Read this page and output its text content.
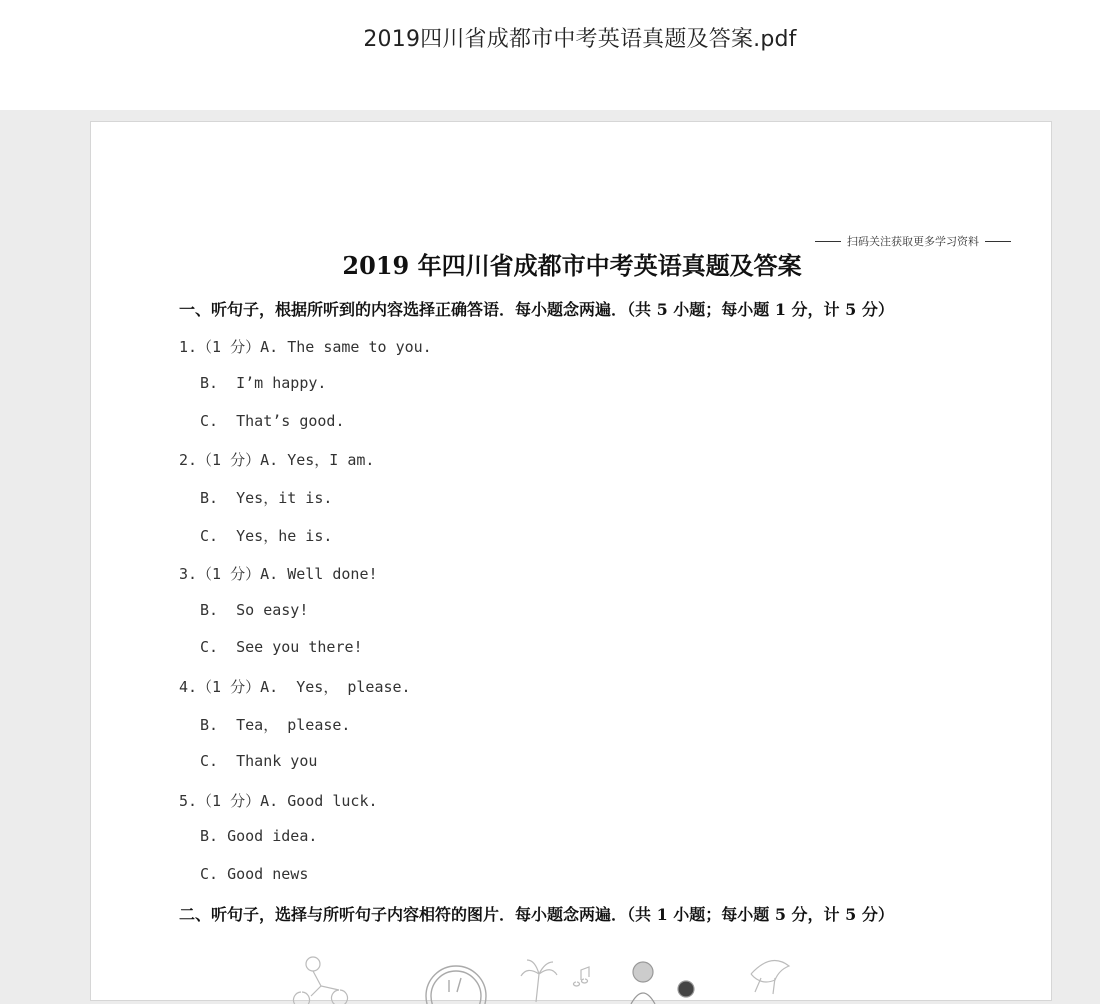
2019四川省成都市中考英语真题及答案.pdf
扫码关注获取更多学习资料
2019 年四川省成都市中考英语真题及答案
一、听句子，根据所听到的内容选择正确答语．每小题念两遍．（共 5 小题；每小题 1 分，计 5 分）
1.（1 分）A. The same to you.
B.  I’m happy.
C.  That’s good.
2.（1 分）A. Yes，I am.
B.  Yes，it is.
C.  Yes，he is.
3.（1 分）A. Well done!
B.  So easy!
C.  See you there!
4.（1 分）A.  Yes， please.
B.  Tea， please.
C.  Thank you
5.（1 分）A. Good luck.
B. Good idea.
C. Good news
二、听句子，选择与所听句子内容相符的图片．每小题念两遍．（共 1 小题；每小题 5 分，计 5 分）
